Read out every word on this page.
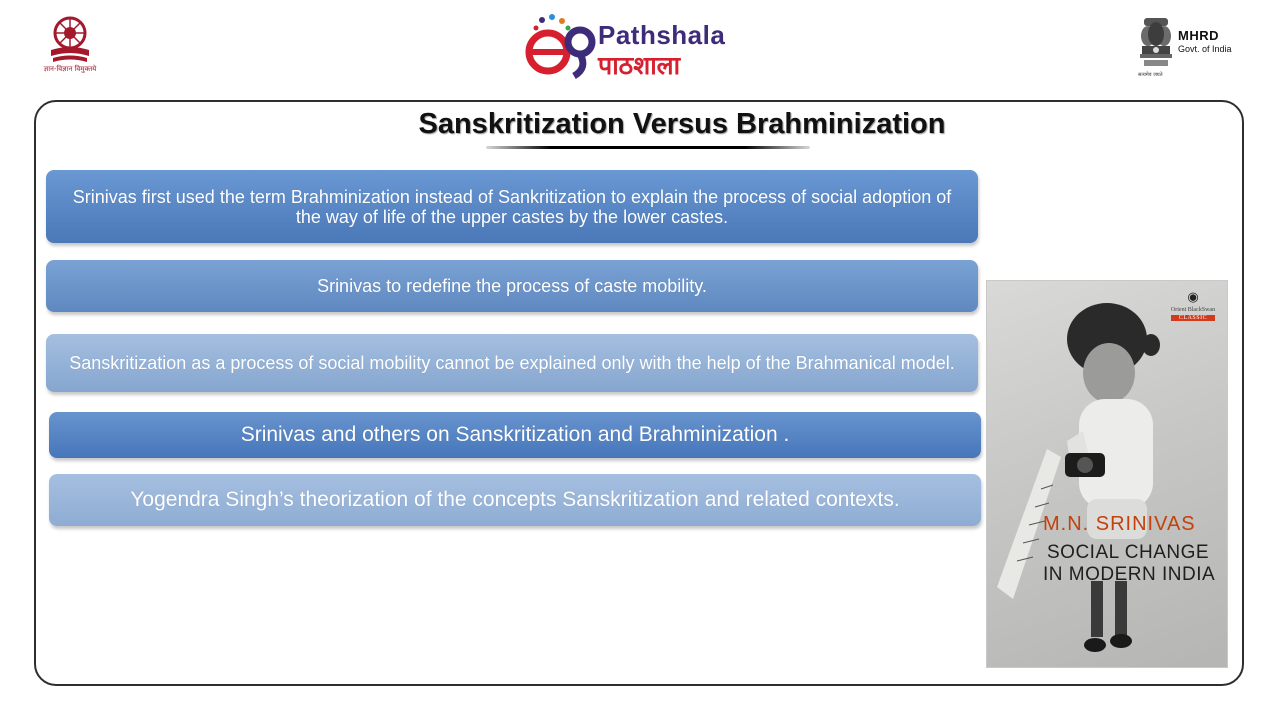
ज्ञान-विज्ञान विमुक्तये
Pathshala
पाठशाला
MHRD
Govt. of India
सत्यमेव जयते
Sanskritization Versus Brahminization
Srinivas first used the term Brahminization instead of Sankritization to explain the process of social adoption of the way of life of the upper castes by the lower castes.
Srinivas to redefine the process of caste mobility.
Sanskritization as a process of social mobility cannot be explained only with the help of the Brahmanical model.
Srinivas and others on Sanskritization and Brahminization .
Yogendra Singh’s theorization of the concepts Sanskritization and related contexts.
◉
Orient BlackSwan
CLASSIC
M.N. SRINIVAS
SOCIAL CHANGE
IN MODERN INDIA
